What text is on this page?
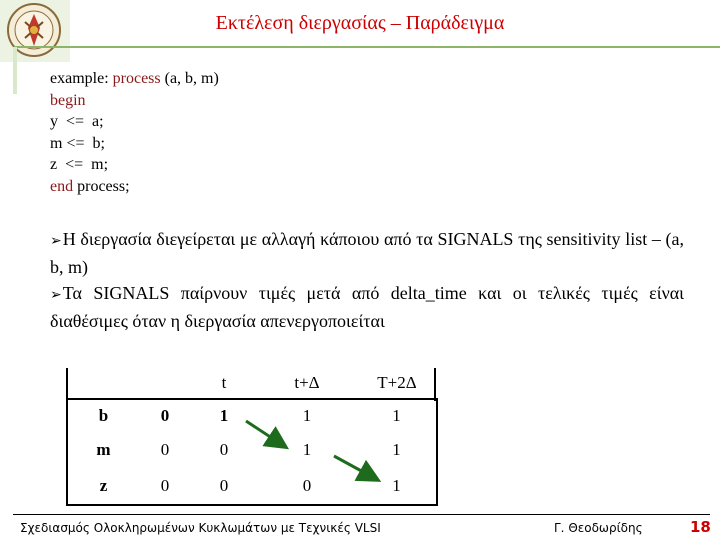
Εκτέλεση διεργασίας – Παράδειγμα
example: process (a, b, m)
begin
y  <=  a;
m <=  b;
z  <=  m;
end process;
➢Η διεργασία διεγείρεται με αλλαγή κάποιου από τα SIGNALS της sensitivity list – (a, b, m)
➢Τα SIGNALS παίρνουν τιμές μετά από delta_time και οι τελικές τιμές είναι διαθέσιμες όταν η διεργασία απενεργοποιείται
		t	t+Δ	T+2Δ
b	0	1	1	1
m	0	0	1	1
z	0	0	0	1
Σχεδιασμός Ολοκληρωμένων Κυκλωμάτων με Τεχνικές VLSI	Γ. Θεοδωρίδης	18
